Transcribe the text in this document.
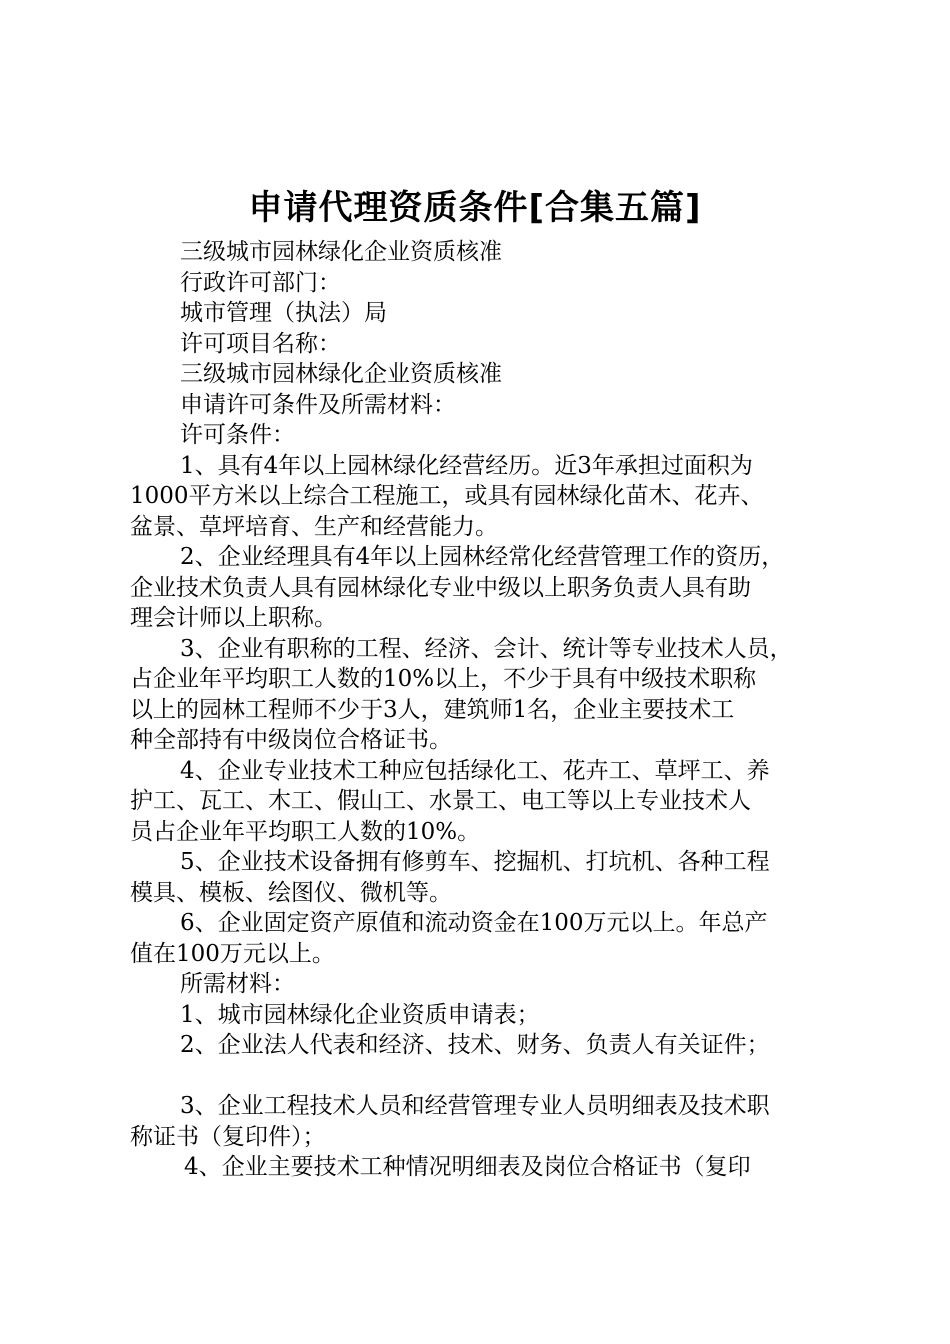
申请代理资质条件[合集五篇]
三级城市园林绿化企业资质核准
行政许可部门：
城市管理（执法）局
许可项目名称：
三级城市园林绿化企业资质核准
申请许可条件及所需材料：
许可条件：
1、具有4年以上园林绿化经营经历。近3年承担过面积为
1000平方米以上综合工程施工，或具有园林绿化苗木、花卉、
盆景、草坪培育、生产和经营能力。
2、企业经理具有4年以上园林经常化经营管理工作的资历，
企业技术负责人具有园林绿化专业中级以上职务负责人具有助
理会计师以上职称。
3、企业有职称的工程、经济、会计、统计等专业技术人员，
占企业年平均职工人数的10%以上，不少于具有中级技术职称
以上的园林工程师不少于3人，建筑师1名，企业主要技术工
种全部持有中级岗位合格证书。
4、企业专业技术工种应包括绿化工、花卉工、草坪工、养
护工、瓦工、木工、假山工、水景工、电工等以上专业技术人
员占企业年平均职工人数的10%。
5、企业技术设备拥有修剪车、挖掘机、打坑机、各种工程
模具、模板、绘图仪、微机等。
6、企业固定资产原值和流动资金在100万元以上。年总产
值在100万元以上。
所需材料：
1、城市园林绿化企业资质申请表；
2、企业法人代表和经济、技术、财务、负责人有关证件；
3、企业工程技术人员和经营管理专业人员明细表及技术职
称证书（复印件）；
4、企业主要技术工种情况明细表及岗位合格证书（复印
